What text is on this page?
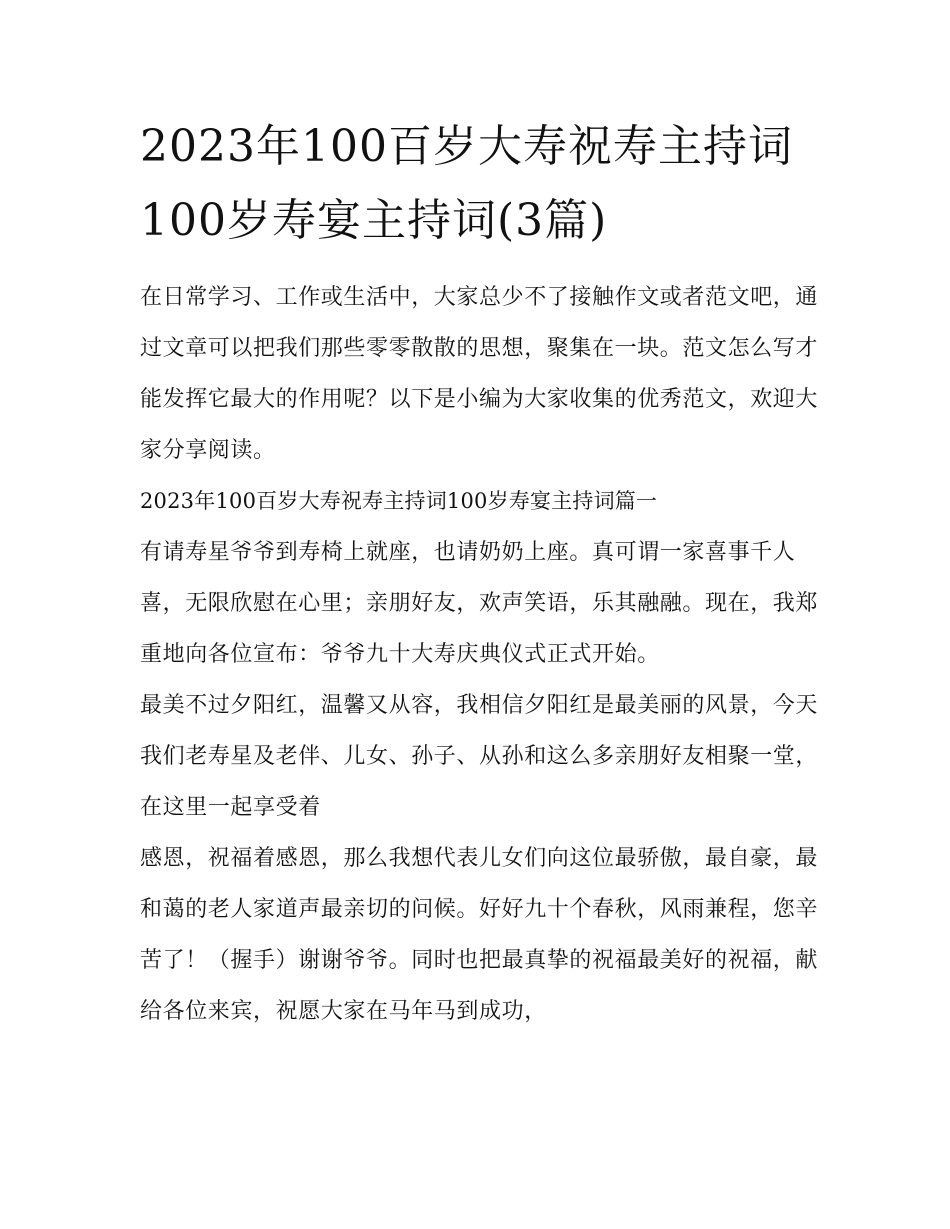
2023年100百岁大寿祝寿主持词100岁寿宴主持词(3篇)

在日常学习、工作或生活中，大家总少不了接触作文或者范文吧，通过文章可以把我们那些零零散散的思想，聚集在一块。范文怎么写才能发挥它最大的作用呢？以下是小编为大家收集的优秀范文，欢迎大家分享阅读。

2023年100百岁大寿祝寿主持词100岁寿宴主持词篇一

有请寿星爷爷到寿椅上就座，也请奶奶上座。真可谓一家喜事千人喜，无限欣慰在心里；亲朋好友，欢声笑语，乐其融融。现在，我郑重地向各位宣布：爷爷九十大寿庆典仪式正式开始。

最美不过夕阳红，温馨又从容，我相信夕阳红是最美丽的风景，今天我们老寿星及老伴、儿女、孙子、从孙和这么多亲朋好友相聚一堂，在这里一起享受着

感恩，祝福着感恩，那么我想代表儿女们向这位最骄傲，最自豪，最和蔼的老人家道声最亲切的问候。好好九十个春秋，风雨兼程，您辛苦了！（握手）谢谢爷爷。同时也把最真挚的祝福最美好的祝福，献给各位来宾，祝愿大家在马年马到成功，
